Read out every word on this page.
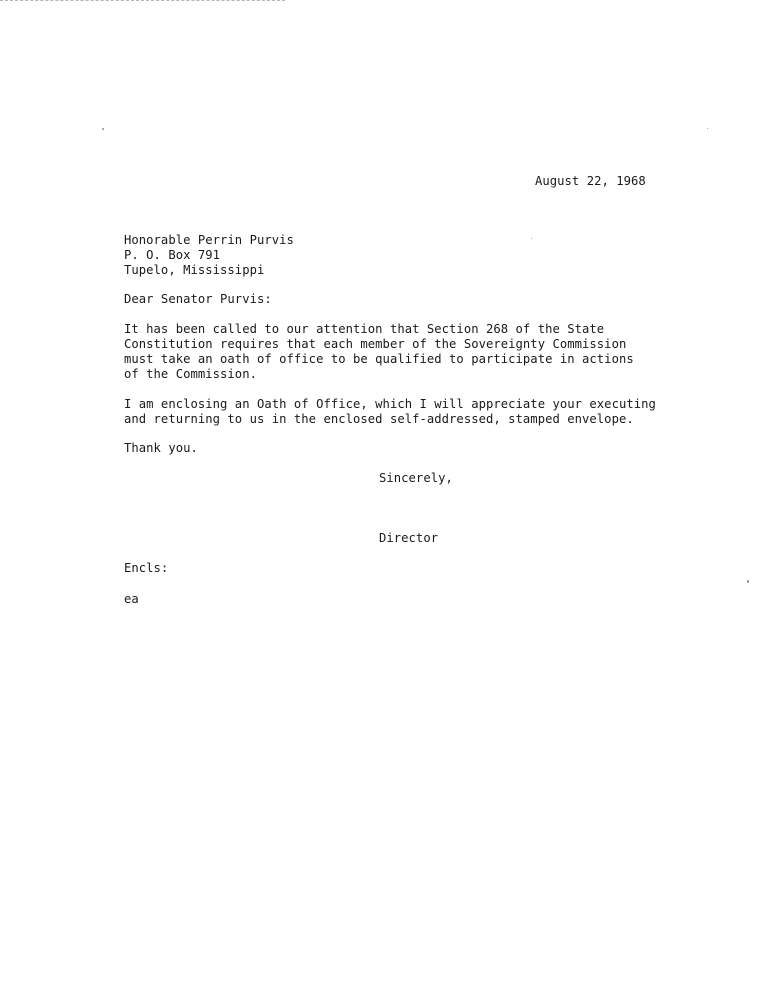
August 22, 1968
Honorable Perrin Purvis
P. O. Box 791
Tupelo, Mississippi
Dear Senator Purvis:
It has been called to our attention that Section 268 of the State
Constitution requires that each member of the Sovereignty Commission
must take an oath of office to be qualified to participate in actions
of the Commission.
I am enclosing an Oath of Office, which I will appreciate your executing
and returning to us in the enclosed self-addressed, stamped envelope.
Thank you.
Sincerely,
Director
Encls:
ea
